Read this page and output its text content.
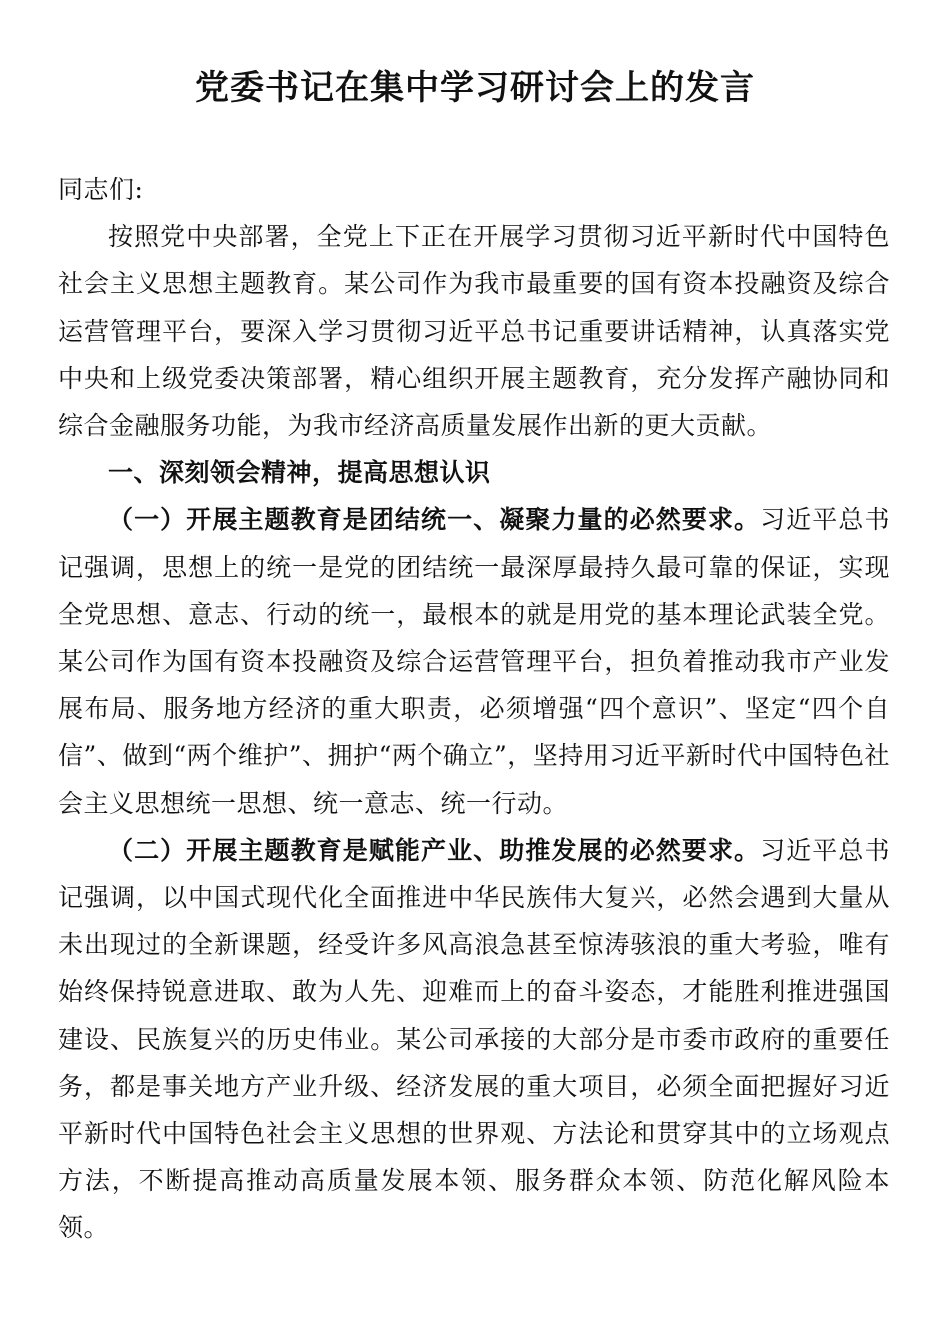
党委书记在集中学习研讨会上的发言

同志们:

按照党中央部署，全党上下正在开展学习贯彻习近平新时代中国特色社会主义思想主题教育。某公司作为我市最重要的国有资本投融资及综合运营管理平台，要深入学习贯彻习近平总书记重要讲话精神，认真落实党中央和上级党委决策部署，精心组织开展主题教育，充分发挥产融协同和综合金融服务功能，为我市经济高质量发展作出新的更大贡献。

一、深刻领会精神，提高思想认识

（一）开展主题教育是团结统一、凝聚力量的必然要求。习近平总书记强调，思想上的统一是党的团结统一最深厚最持久最可靠的保证，实现全党思想、意志、行动的统一，最根本的就是用党的基本理论武装全党。某公司作为国有资本投融资及综合运营管理平台，担负着推动我市产业发展布局、服务地方经济的重大职责，必须增强“四个意识”、坚定“四个自信”、做到“两个维护”、拥护“两个确立”，坚持用习近平新时代中国特色社会主义思想统一思想、统一意志、统一行动。

（二）开展主题教育是赋能产业、助推发展的必然要求。习近平总书记强调，以中国式现代化全面推进中华民族伟大复兴，必然会遇到大量从未出现过的全新课题，经受许多风高浪急甚至惊涛骇浪的重大考验，唯有始终保持锐意进取、敢为人先、迎难而上的奋斗姿态，才能胜利推进强国建设、民族复兴的历史伟业。某公司承接的大部分是市委市政府的重要任务，都是事关地方产业升级、经济发展的重大项目，必须全面把握好习近平新时代中国特色社会主义思想的世界观、方法论和贯穿其中的立场观点方法，不断提高推动高质量发展本领、服务群众本领、防范化解风险本领。
